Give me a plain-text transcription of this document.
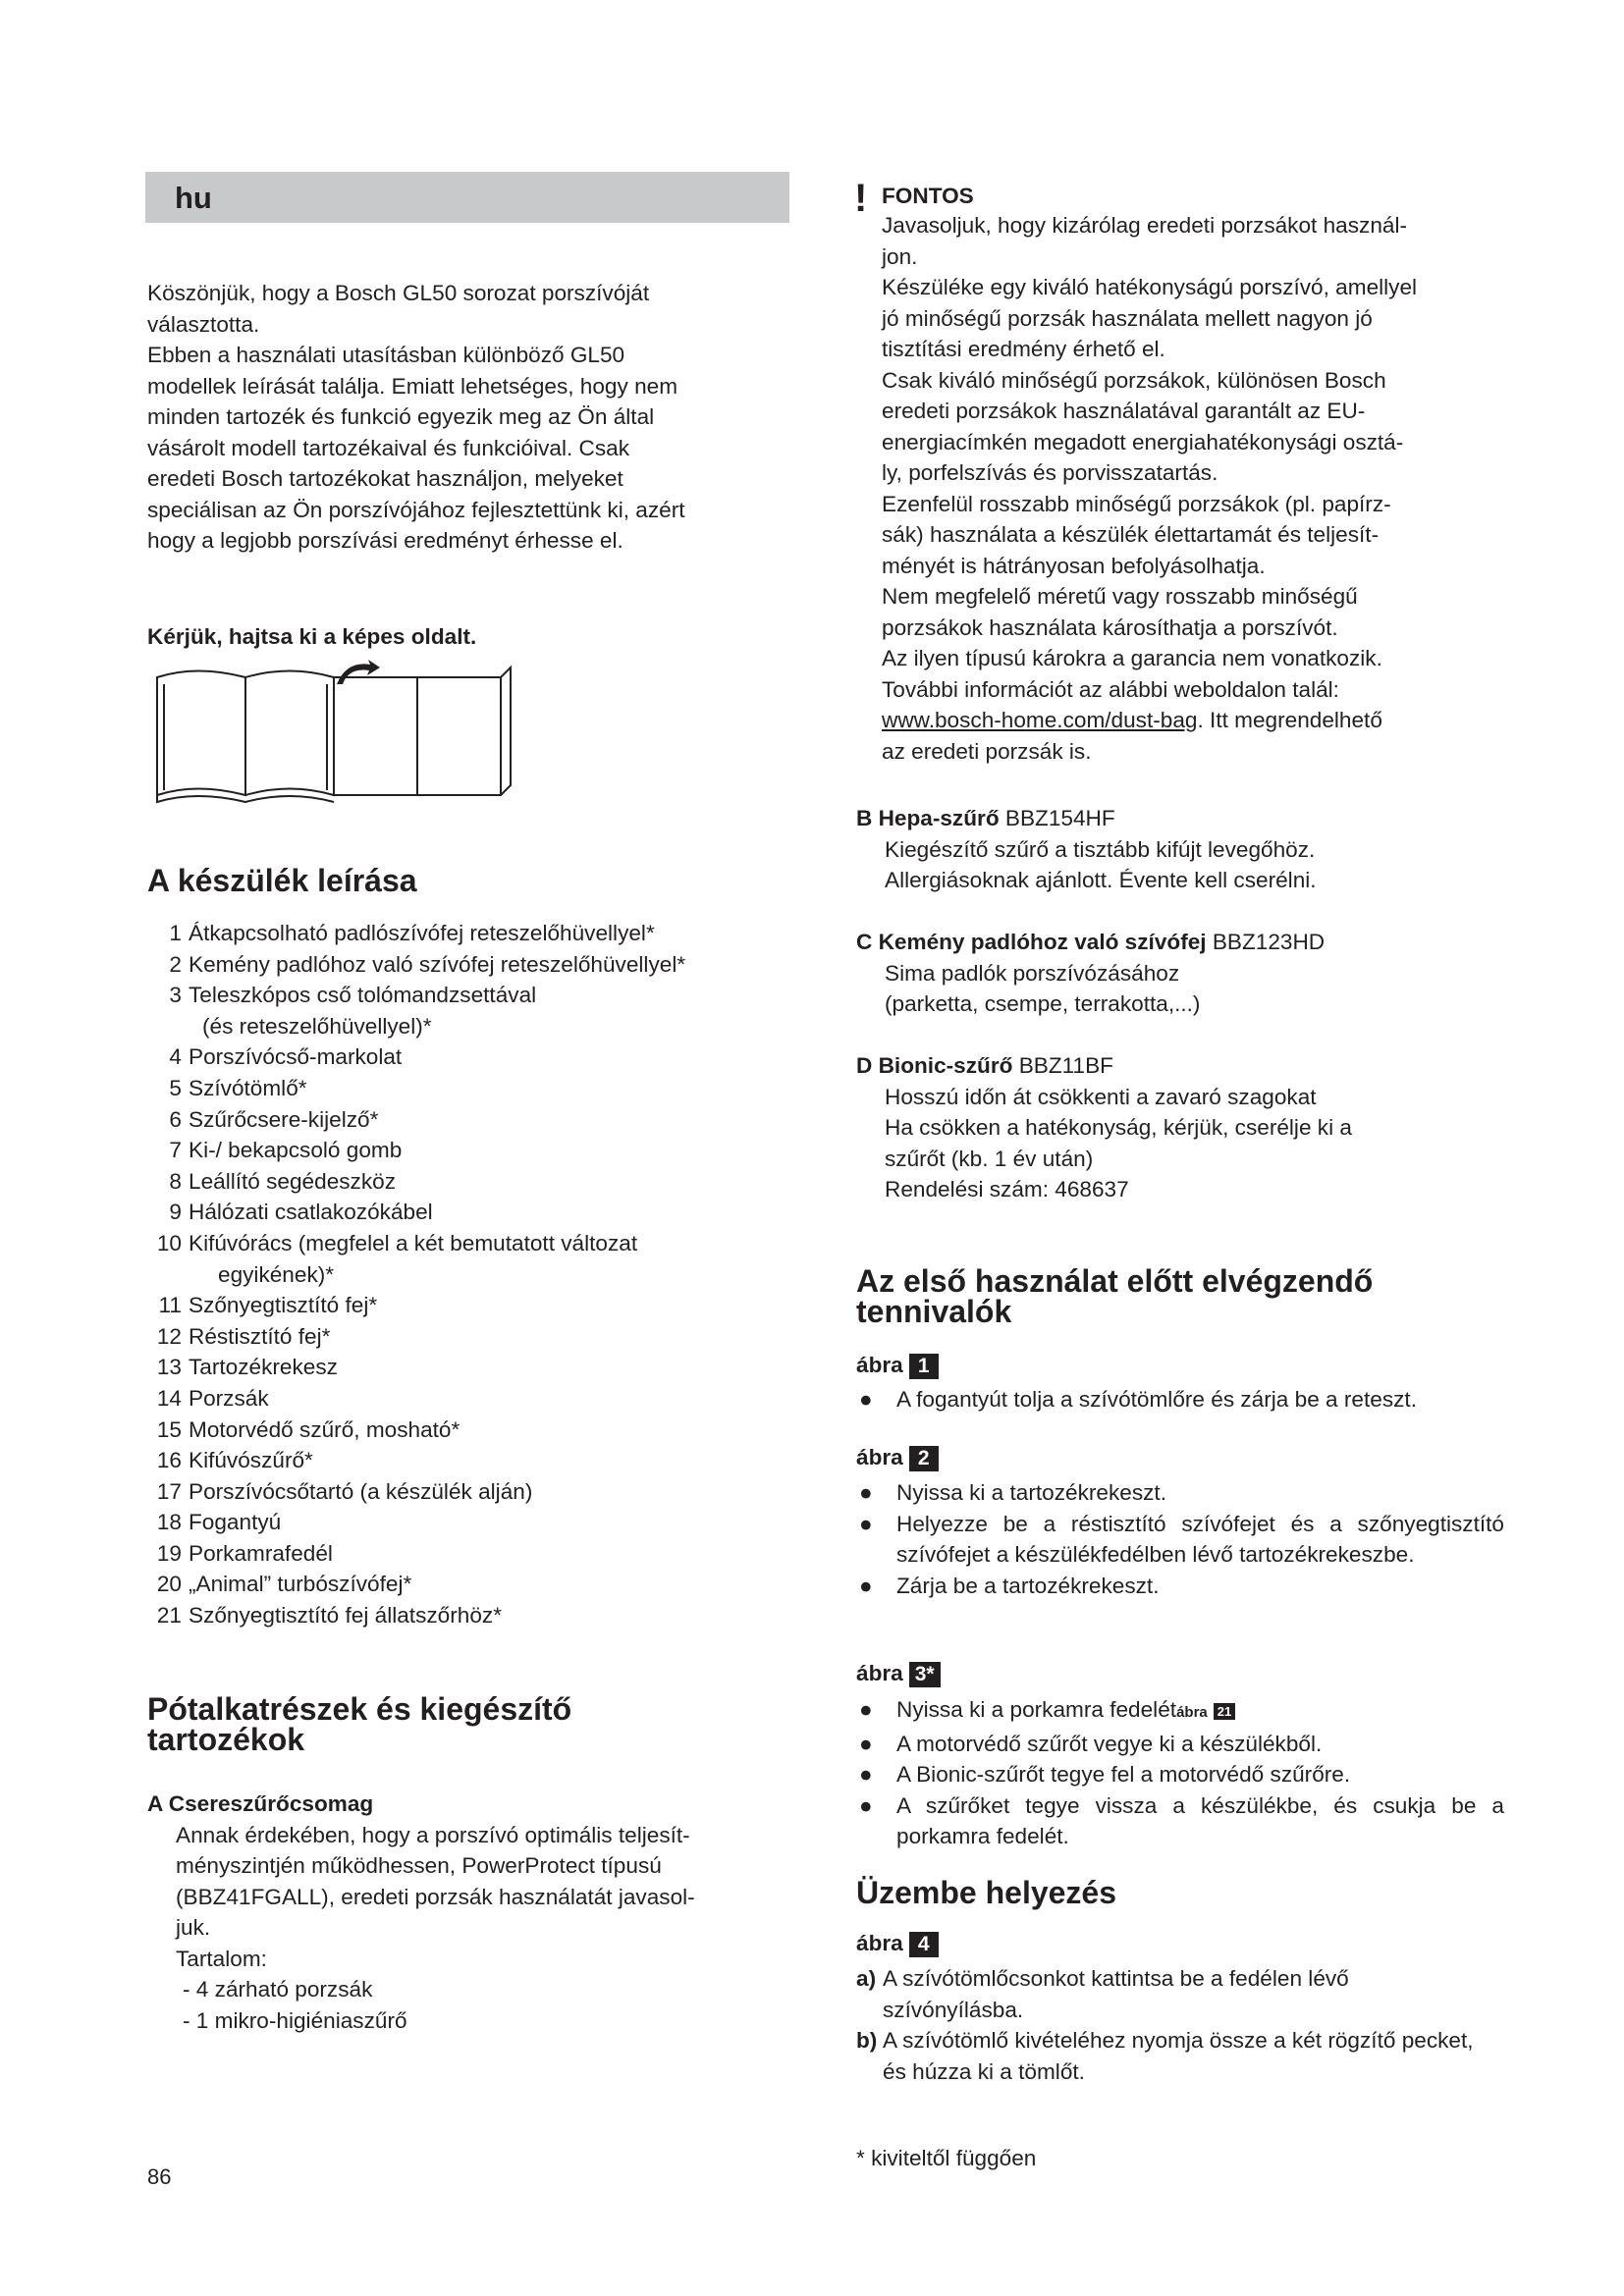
hu
Köszönjük, hogy a Bosch GL50 sorozat porszívóját
választotta.
Ebben a használati utasításban különböző GL50
modellek leírását találja. Emiatt lehetséges, hogy nem
minden tartozék és funkció egyezik meg az Ön által
vásárolt modell tartozékaival és funkcióival. Csak
eredeti Bosch tartozékokat használjon, melyeket
speciálisan az Ön porszívójához fejlesztettünk ki, azért
hogy a legjobb porszívási eredményt érhesse el.
Kérjük, hajtsa ki a képes oldalt.
A készülék leírása
1 Átkapcsolható padlószívófej reteszelőhüvellyel*
2 Kemény padlóhoz való szívófej reteszelőhüvellyel*
3 Teleszkópos cső tolómandzsettával
(és reteszelőhüvellyel)*
4 Porszívócső-markolat
5 Szívótömlő*
6 Szűrőcsere-kijelző*
7 Ki-/ bekapcsoló gomb
8 Leállító segédeszköz
9 Hálózati csatlakozókábel
10 Kifúvórács (megfelel a két bemutatott változat
egyikének)*
11 Szőnyegtisztító fej*
12 Réstisztító fej*
13 Tartozékrekesz
14 Porzsák
15 Motorvédő szűrő, mosható*
16 Kifúvószűrő*
17 Porszívócsőtartó (a készülék alján)
18 Fogantyú
19 Porkamrafedél
20 „Animal” turbószívófej*
21 Szőnyegtisztító fej állatszőrhöz*
Pótalkatrészek és kiegészítő
tartozékok
A Csereszűrőcsomag
Annak érdekében, hogy a porszívó optimális teljesít-
ményszintjén működhessen, PowerProtect típusú
(BBZ41FGALL), eredeti porzsák használatát javasol-
juk.
Tartalom:
- 4 zárható porzsák
- 1 mikro-higiéniaszűrő
86
! FONTOS
Javasoljuk, hogy kizárólag eredeti porzsákot használ-
jon.
Készüléke egy kiváló hatékonyságú porszívó, amellyel
jó minőségű porzsák használata mellett nagyon jó
tisztítási eredmény érhető el.
Csak kiváló minőségű porzsákok, különösen Bosch
eredeti porzsákok használatával garantált az EU-
energiacímkén megadott energiahatékonysági osztá-
ly, porfelszívás és porvisszatartás.
Ezenfelül rosszabb minőségű porzsákok (pl. papírz-
sák) használata a készülék élettartamát és teljesít-
ményét is hátrányosan befolyásolhatja.
Nem megfelelő méretű vagy rosszabb minőségű
porzsákok használata károsíthatja a porszívót.
Az ilyen típusú károkra a garancia nem vonatkozik.
További információt az alábbi weboldalon talál:
www.bosch-home.com/dust-bag. Itt megrendelhető
az eredeti porzsák is.
B Hepa-szűrő BBZ154HF
Kiegészítő szűrő a tisztább kifújt levegőhöz.
Allergiásoknak ajánlott. Évente kell cserélni.
C Kemény padlóhoz való szívófej BBZ123HD
Sima padlók porszívózásához
(parketta, csempe, terrakotta,...)
D Bionic-szűrő BBZ11BF
Hosszú időn át csökkenti a zavaró szagokat
Ha csökken a hatékonyság, kérjük, cserélje ki a
szűrőt (kb. 1 év után)
Rendelési szám: 468637
Az első használat előtt elvégzendő
tennivalók
ábra 1
●	A fogantyút tolja a szívótömlőre és zárja be a reteszt.
ábra 2
●	Nyissa ki a tartozékrekeszt.
●	Helyezze be a réstisztító szívófejet és a szőnyegtisztító szívófejet a készülékfedélben lévő tartozékrekeszbe.
●	Zárja be a tartozékrekeszt.
ábra 3*
●	Nyissa ki a porkamra fedelétábra 21
●	A motorvédő szűrőt vegye ki a készülékből.
●	A Bionic-szűrőt tegye fel a motorvédő szűrőre.
●	A szűrőket tegye vissza a készülékbe, és csukja be a porkamra fedelét.
Üzembe helyezés
ábra 4
a) A szívótömlőcsonkot kattintsa be a fedélen lévő szívónyílásba.
b) A szívótömlő kivételéhez nyomja össze a két rögzítő pecket, és húzza ki a tömlőt.
* kiviteltől függően
